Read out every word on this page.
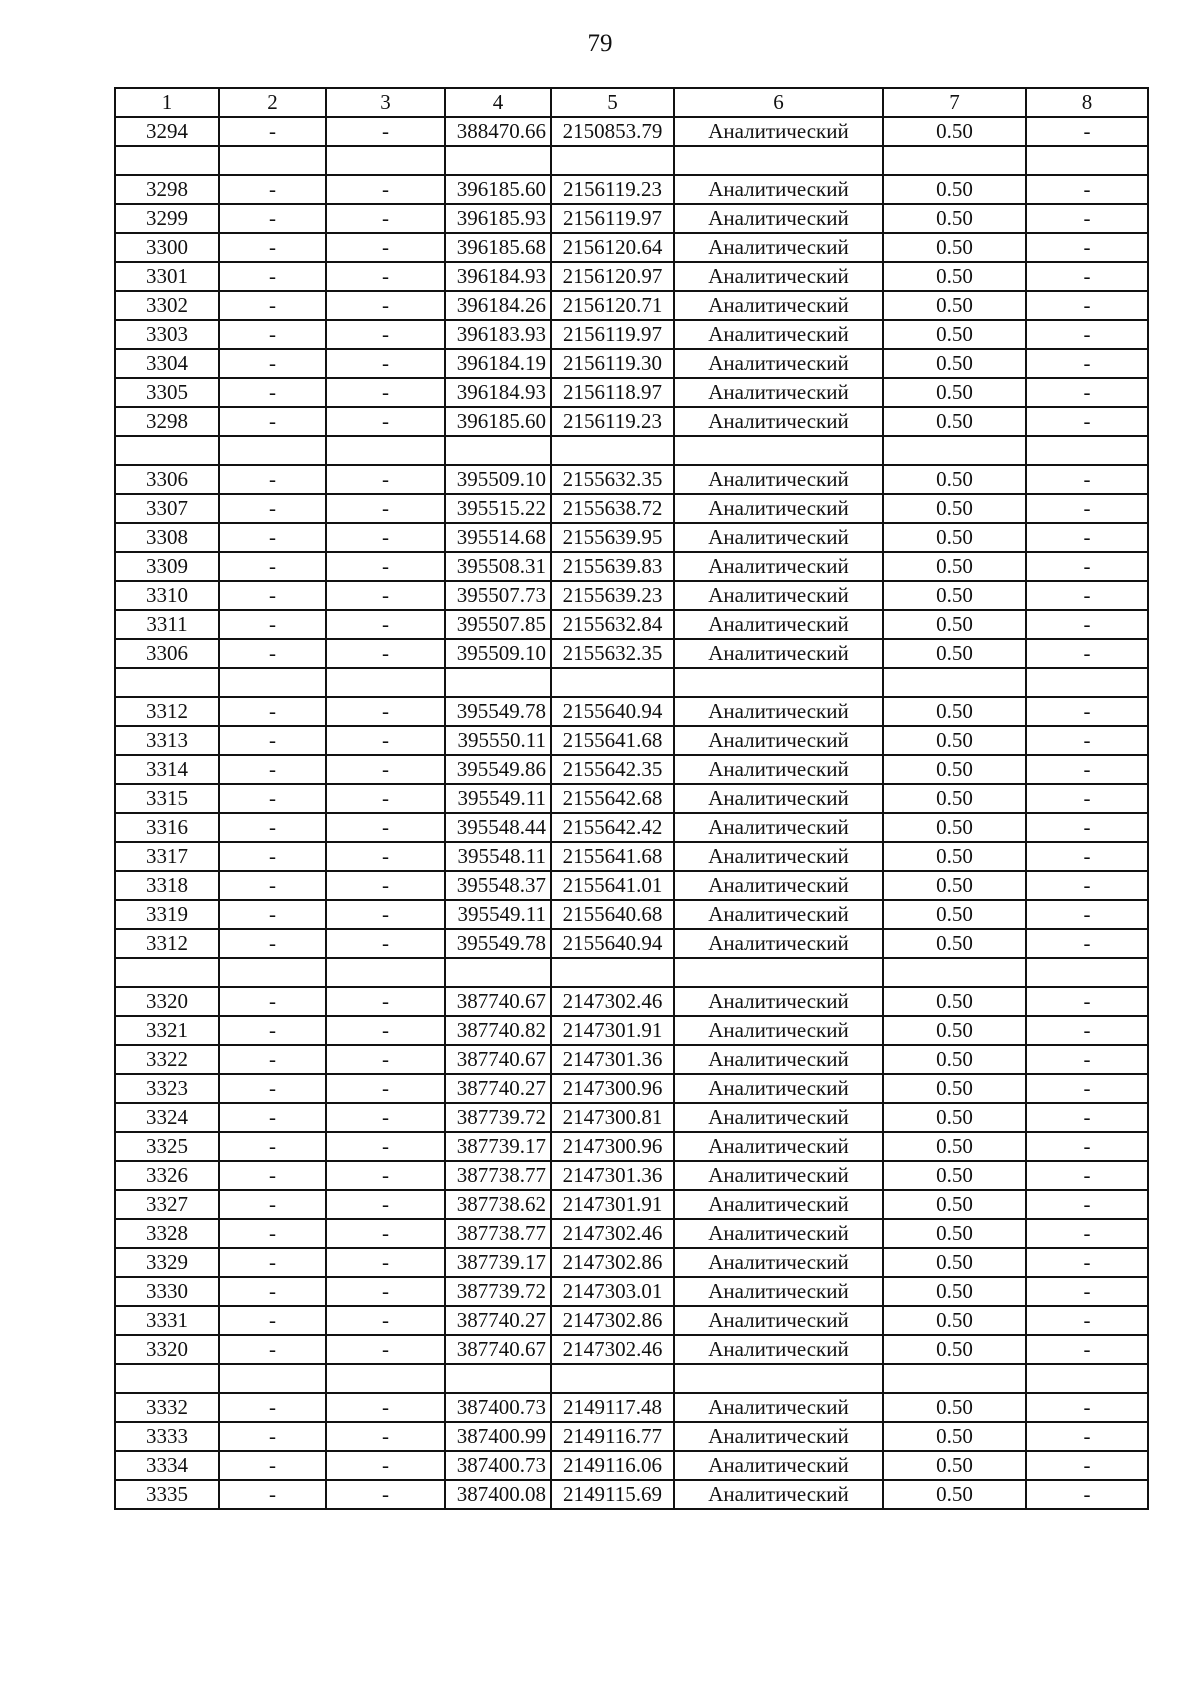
79
1	2	3	4	5	6	7	8
3294	-	-	388470.66	2150853.79	Аналитический	0.50	-

3298	-	-	396185.60	2156119.23	Аналитический	0.50	-
3299	-	-	396185.93	2156119.97	Аналитический	0.50	-
3300	-	-	396185.68	2156120.64	Аналитический	0.50	-
3301	-	-	396184.93	2156120.97	Аналитический	0.50	-
3302	-	-	396184.26	2156120.71	Аналитический	0.50	-
3303	-	-	396183.93	2156119.97	Аналитический	0.50	-
3304	-	-	396184.19	2156119.30	Аналитический	0.50	-
3305	-	-	396184.93	2156118.97	Аналитический	0.50	-
3298	-	-	396185.60	2156119.23	Аналитический	0.50	-

3306	-	-	395509.10	2155632.35	Аналитический	0.50	-
3307	-	-	395515.22	2155638.72	Аналитический	0.50	-
3308	-	-	395514.68	2155639.95	Аналитический	0.50	-
3309	-	-	395508.31	2155639.83	Аналитический	0.50	-
3310	-	-	395507.73	2155639.23	Аналитический	0.50	-
3311	-	-	395507.85	2155632.84	Аналитический	0.50	-
3306	-	-	395509.10	2155632.35	Аналитический	0.50	-

3312	-	-	395549.78	2155640.94	Аналитический	0.50	-
3313	-	-	395550.11	2155641.68	Аналитический	0.50	-
3314	-	-	395549.86	2155642.35	Аналитический	0.50	-
3315	-	-	395549.11	2155642.68	Аналитический	0.50	-
3316	-	-	395548.44	2155642.42	Аналитический	0.50	-
3317	-	-	395548.11	2155641.68	Аналитический	0.50	-
3318	-	-	395548.37	2155641.01	Аналитический	0.50	-
3319	-	-	395549.11	2155640.68	Аналитический	0.50	-
3312	-	-	395549.78	2155640.94	Аналитический	0.50	-

3320	-	-	387740.67	2147302.46	Аналитический	0.50	-
3321	-	-	387740.82	2147301.91	Аналитический	0.50	-
3322	-	-	387740.67	2147301.36	Аналитический	0.50	-
3323	-	-	387740.27	2147300.96	Аналитический	0.50	-
3324	-	-	387739.72	2147300.81	Аналитический	0.50	-
3325	-	-	387739.17	2147300.96	Аналитический	0.50	-
3326	-	-	387738.77	2147301.36	Аналитический	0.50	-
3327	-	-	387738.62	2147301.91	Аналитический	0.50	-
3328	-	-	387738.77	2147302.46	Аналитический	0.50	-
3329	-	-	387739.17	2147302.86	Аналитический	0.50	-
3330	-	-	387739.72	2147303.01	Аналитический	0.50	-
3331	-	-	387740.27	2147302.86	Аналитический	0.50	-
3320	-	-	387740.67	2147302.46	Аналитический	0.50	-

3332	-	-	387400.73	2149117.48	Аналитический	0.50	-
3333	-	-	387400.99	2149116.77	Аналитический	0.50	-
3334	-	-	387400.73	2149116.06	Аналитический	0.50	-
3335	-	-	387400.08	2149115.69	Аналитический	0.50	-
